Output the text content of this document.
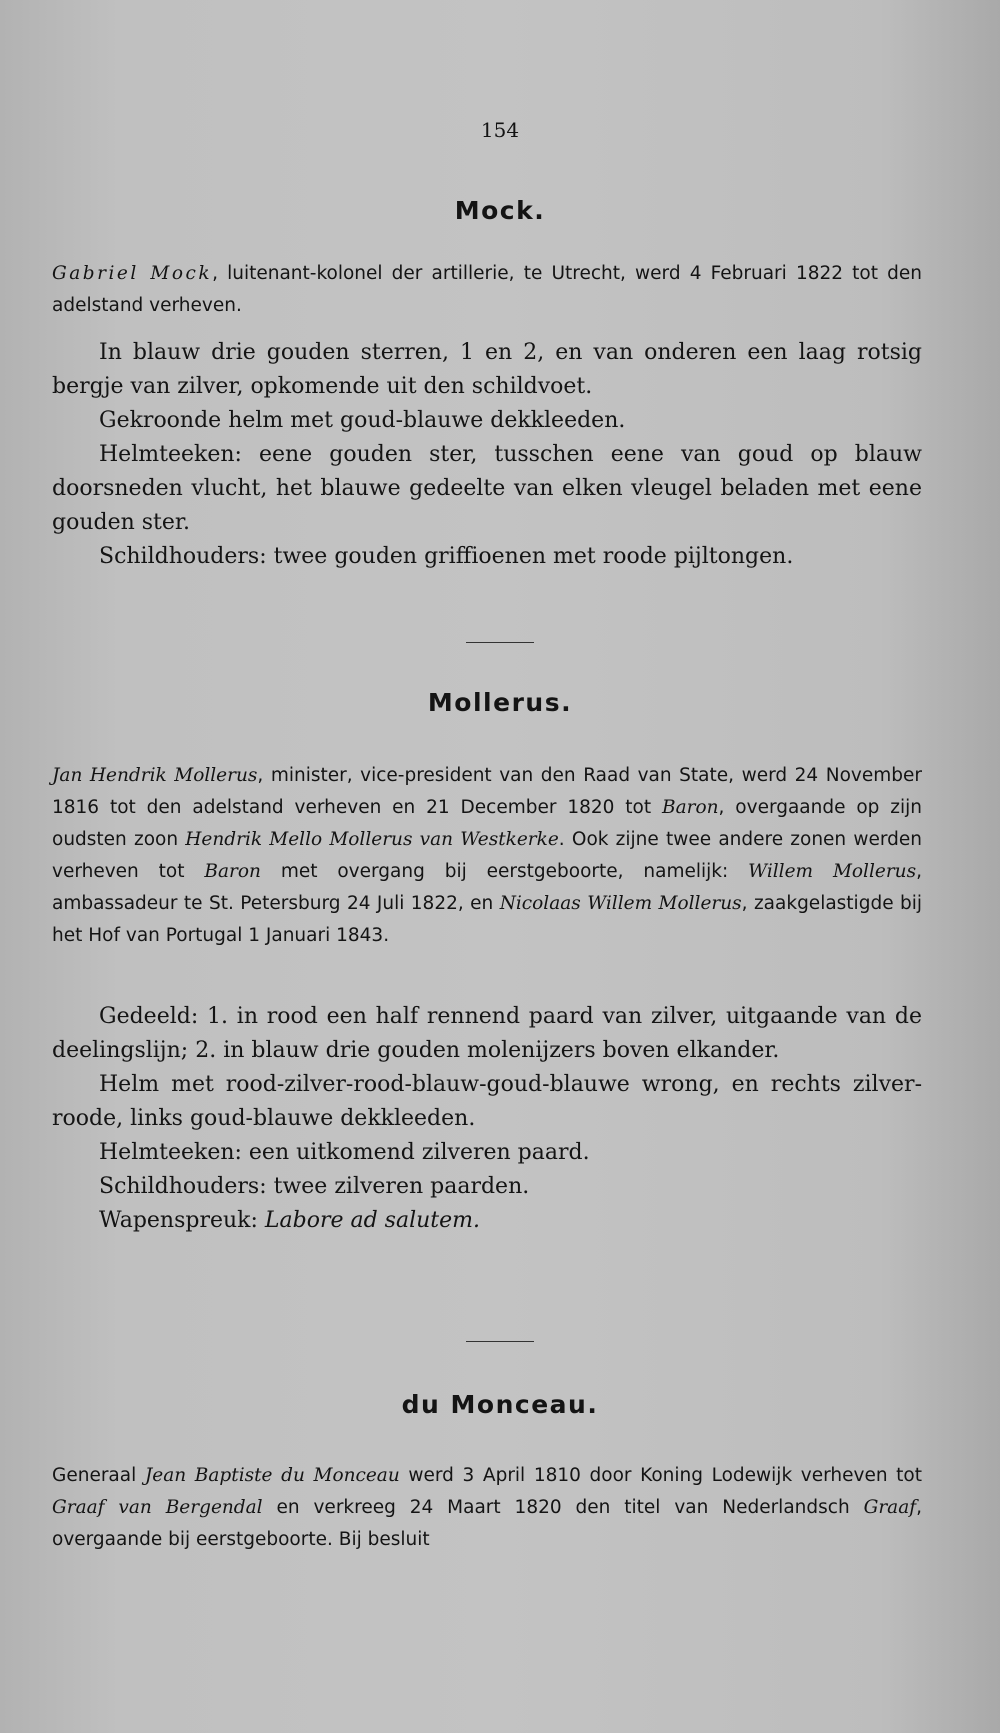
154
Mock.
Gabriel Mock, luitenant-kolonel der artillerie, te Utrecht, werd 4 Februari 1822 tot den adelstand verheven.

In blauw drie gouden sterren, 1 en 2, en van onderen een laag rotsig bergje van zilver, opkomende uit den schildvoet.

Gekroonde helm met goud-blauwe dekkleeden.

Helmteeken: eene gouden ster, tusschen eene van goud op blauw doorsneden vlucht, het blauwe gedeelte van elken vleugel beladen met eene gouden ster.

Schildhouders: twee gouden griffioenen met roode pijltongen.

Mollerus.
Jan Hendrik Mollerus, minister, vice-president van den Raad van State, werd 24 November 1816 tot den adelstand verheven en 21 December 1820 tot Baron, overgaande op zijn oudsten zoon Hendrik Mello Mollerus van Westkerke. Ook zijne twee andere zonen werden verheven tot Baron met overgang bij eerstgeboorte, namelijk: Willem Mollerus, ambassadeur te St. Petersburg 24 Juli 1822, en Nicolaas Willem Mollerus, zaakgelastigde bij het Hof van Portugal 1 Januari 1843.

Gedeeld: 1. in rood een half rennend paard van zilver, uitgaande van de deelingslijn; 2. in blauw drie gouden molenijzers boven elkander.

Helm met rood-zilver-rood-blauw-goud-blauwe wrong, en rechts zilver-roode, links goud-blauwe dekkleeden.

Helmteeken: een uitkomend zilveren paard.

Schildhouders: twee zilveren paarden.

Wapenspreuk: Labore ad salutem.

du Monceau.
Generaal Jean Baptiste du Monceau werd 3 April 1810 door Koning Lodewijk verheven tot Graaf van Bergendal en verkreeg 24 Maart 1820 den titel van Nederlandsch Graaf, overgaande bij eerstgeboorte. Bij besluit
